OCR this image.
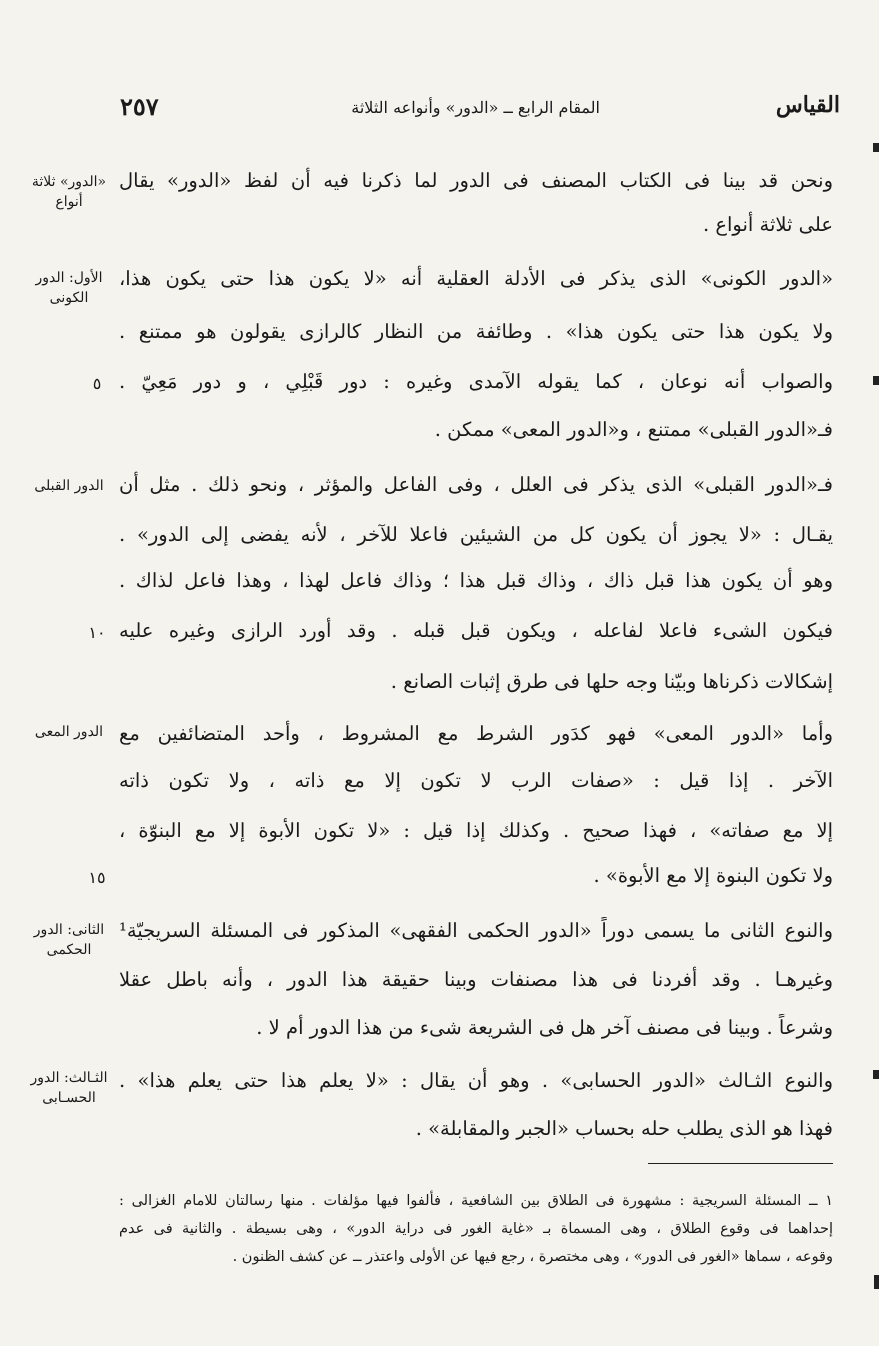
القياس
المقام الرابع ــ «الدور» وأنواعه الثلاثة
٢٥٧
ونحن قد بينا فى الكتاب المصنف فى الدور لما ذكرنا فيه أن لفظ «الدور» يقال
على ثلاثة أنواع .
«الدور الكونى» الذى يذكر فى الأدلة العقلية أنه «لا يكون هذا حتى يكون هذا،
ولا يكون هذا حتى يكون هذا» . وطائفة من النظار كالرازى يقولون هو ممتنع .
والصواب أنه نوعان ، كما يقوله الآمدى وغيره : دور قَبْلِي ، و دور مَعِيّ .
فـ«الدور القبلى» ممتنع ، و«الدور المعى» ممكن .
فـ«الدور القبلى» الذى يذكر فى العلل ، وفى الفاعل والمؤثر ، ونحو ذلك . مثل أن
يقـال : «لا يجوز أن يكون كل من الشيئين فاعلا للآخر ، لأنه يفضى إلى الدور» .
وهو أن يكون هذا قبل ذاك ، وذاك قبل هذا ؛ وذاك فاعل لهذا ، وهذا فاعل لذاك .
فيكون الشىء فاعلا لفاعله ، ويكون قبل قبله . وقد أورد الرازى وغيره عليه
إشكالات ذكرناها وبيّنا وجه حلها فى طرق إثبات الصانع .
وأما «الدور المعى» فهو كدَور الشرط مع المشروط ، وأحد المتضائفين مع
الآخر . إذا قيل : «صفات الرب لا تكون إلا مع ذاته ، ولا تكون ذاته
إلا مع صفاته» ، فهذا صحيح . وكذلك إذا قيل : «لا تكون الأبوة إلا مع البنوّة ،
ولا تكون البنوة إلا مع الأبوة» .
والنوع الثانى ما يسمى دوراً «الدور الحكمى الفقهى» المذكور فى المسئلة السريجيّة¹
وغيرهـا . وقد أفردنا فى هذا مصنفات وبينا حقيقة هذا الدور ، وأنه باطل عقلا
وشرعاً . وبينا فى مصنف آخر هل فى الشريعة شىء من هذا الدور أم لا .
والنوع الثـالث «الدور الحسابى» . وهو أن يقال : «لا يعلم هذا حتى يعلم هذا» .
فهذا هو الذى يطلب حله بحساب «الجبر والمقابلة» .
«الدور» ثلاثة أنواع
الأول: الدور الكونى
الدور القبلى
الدور المعى
الثانى: الدور الحكمى
الثـالث: الدور الحسـابى
٥
١٠
١٥
١ ــ المسئلة السريجية : مشهورة فى الطلاق بين الشافعية ، فألفوا فيها مؤلفات . منها رسالتان للامام الغزالى :
إحداهما فى وقوع الطلاق ، وهى المسماة بـ «غاية الغور فى دراية الدور» ، وهى بسيطة . والثانية فى عدم
وقوعه ، سماها «الغور فى الدور» ، وهى مختصرة ، رجع فيها عن الأولى واعتذر ــ عن كشف الظنون .
